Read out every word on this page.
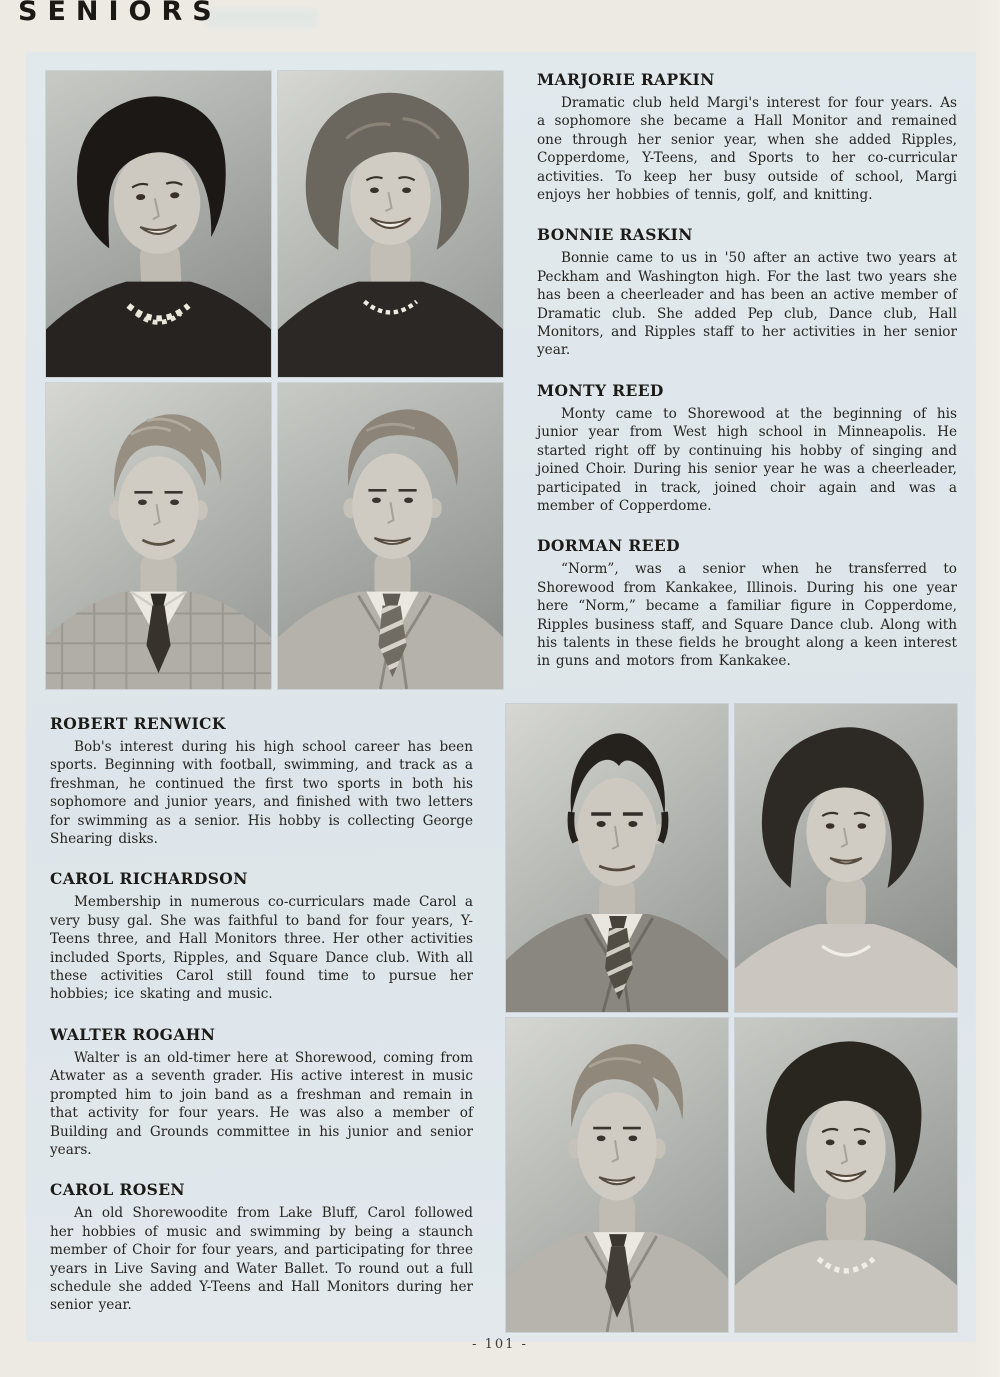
SENIORS
MARJORIE RAPKIN

Dramatic club held Margi's interest for four years. As a sophomore she became a Hall Monitor and remained one through her senior year, when she added Ripples, Copperdome, Y-Teens, and Sports to her co-curricular activities. To keep her busy outside of school, Margi enjoys her hobbies of tennis, golf, and knitting.

BONNIE RASKIN

Bonnie came to us in '50 after an active two years at Peckham and Washington high. For the last two years she has been a cheerleader and has been an active member of Dramatic club. She added Pep club, Dance club, Hall Monitors, and Ripples staff to her activities in her senior year.

MONTY REED

Monty came to Shorewood at the beginning of his junior year from West high school in Minneapolis. He started right off by continuing his hobby of singing and joined Choir. During his senior year he was a cheerleader, participated in track, joined choir again and was a member of Copperdome.

DORMAN REED

“Norm”, was a senior when he transferred to Shorewood from Kankakee, Illinois. During his one year here “Norm,” became a familiar figure in Copperdome, Ripples business staff, and Square Dance club. Along with his talents in these fields he brought along a keen interest in guns and motors from Kankakee.

ROBERT RENWICK

Bob's interest during his high school career has been sports. Beginning with football, swimming, and track as a freshman, he continued the first two sports in both his sophomore and junior years, and finished with two letters for swimming as a senior. His hobby is collecting George Shearing disks.

CAROL RICHARDSON

Membership in numerous co-curriculars made Carol a very busy gal. She was faithful to band for four years, Y-Teens three, and Hall Monitors three. Her other activities included Sports, Ripples, and Square Dance club. With all these activities Carol still found time to pursue her hobbies; ice skating and music.

WALTER ROGAHN

Walter is an old-timer here at Shorewood, coming from Atwater as a seventh grader. His active interest in music prompted him to join band as a freshman and remain in that activity for four years. He was also a member of Building and Grounds committee in his junior and senior years.

CAROL ROSEN

An old Shorewoodite from Lake Bluff, Carol followed her hobbies of music and swimming by being a staunch member of Choir for four years, and participating for three years in Live Saving and Water Ballet. To round out a full schedule she added Y-Teens and Hall Monitors during her senior year.

- 101 -
